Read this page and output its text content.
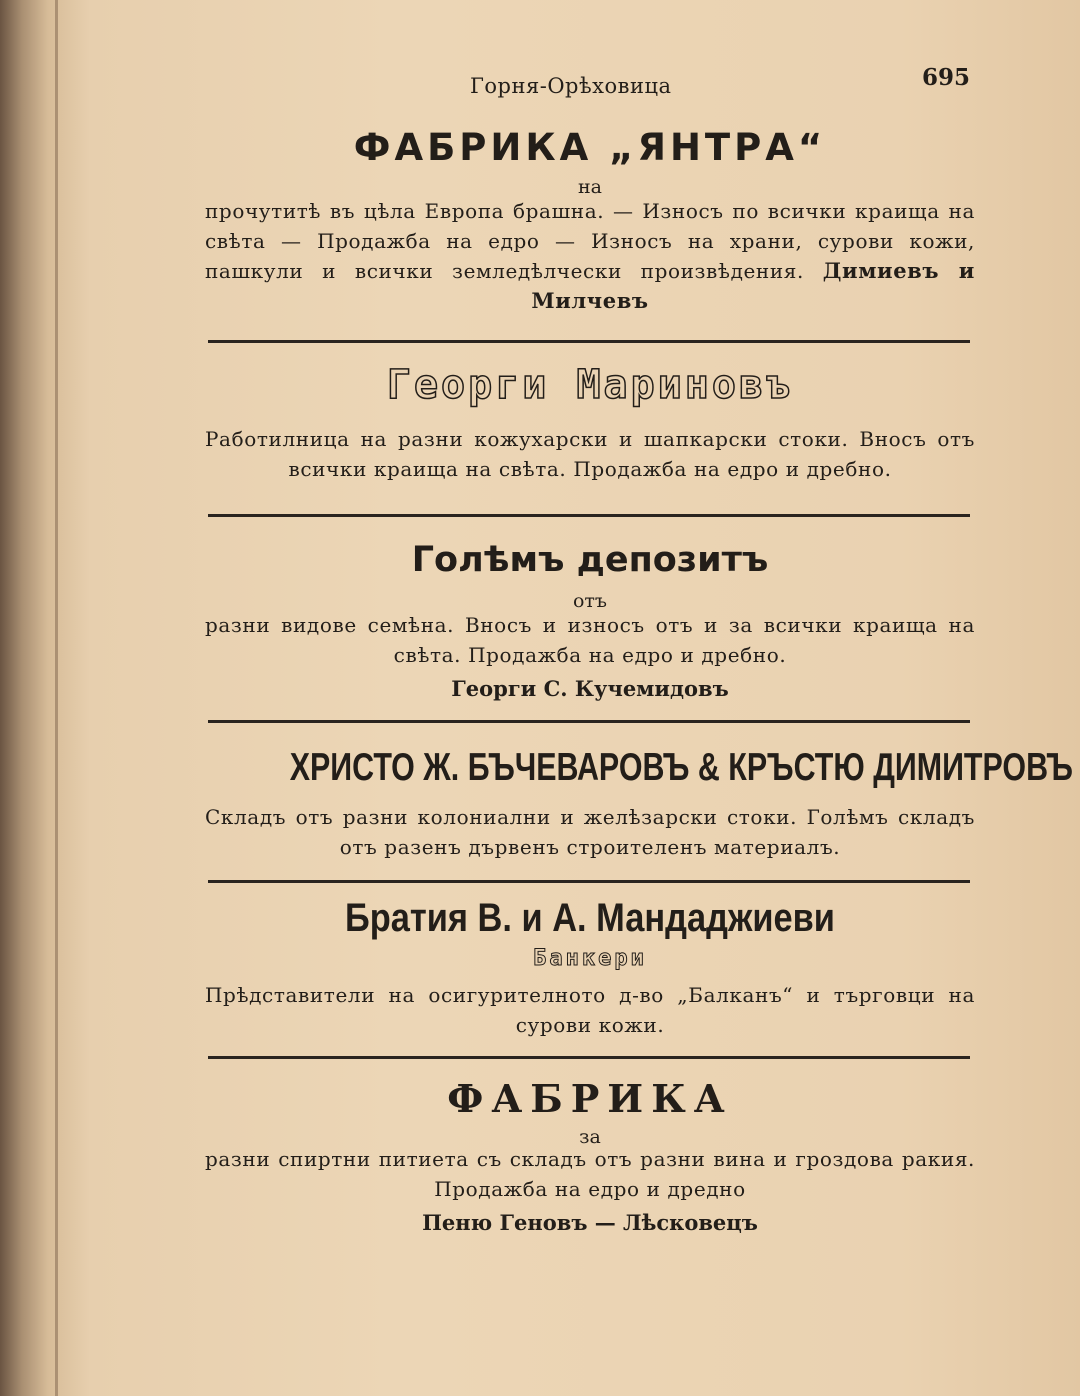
Горня-Орѣховица	695
ФАБРИКА „ЯНТРА“
на
прочутитѣ въ цѣла Европа брашна. — Износъ по всички краища на свѣта — Продажба на едро — Износъ на храни, сурови кожи, пашкули и всички земледѣлчески произвѣдения. Димиевъ и Милчевъ
Георги Мариновъ
Работилница на разни кожухарски и шапкарски стоки. Вносъ отъ всички краища на свѣта. Продажба на едро и дребно.
Голѣмъ депозитъ
отъ
разни видове семѣна. Вносъ и износъ отъ и за всички краища на свѣта. Продажба на едро и дребно.
Георги С. Кучемидовъ
ХРИСТО Ж. БЪЧЕВАРОВЪ & КРЪСТЮ ДИМИТРОВЪ
Складъ отъ разни колониални и желѣзарски стоки. Голѣмъ складъ отъ разенъ дървенъ строителенъ материалъ.
Братия В. и А. Мандаджиеви
Банкери
Прѣдставители на осигурителното д-во „Балканъ“ и търговци на сурови кожи.
ФАБРИКА
за
разни спиртни питиета съ складъ отъ разни вина и гроздова ракия. Продажба на едро и дредно
Пеню Геновъ — Лѣсковецъ
